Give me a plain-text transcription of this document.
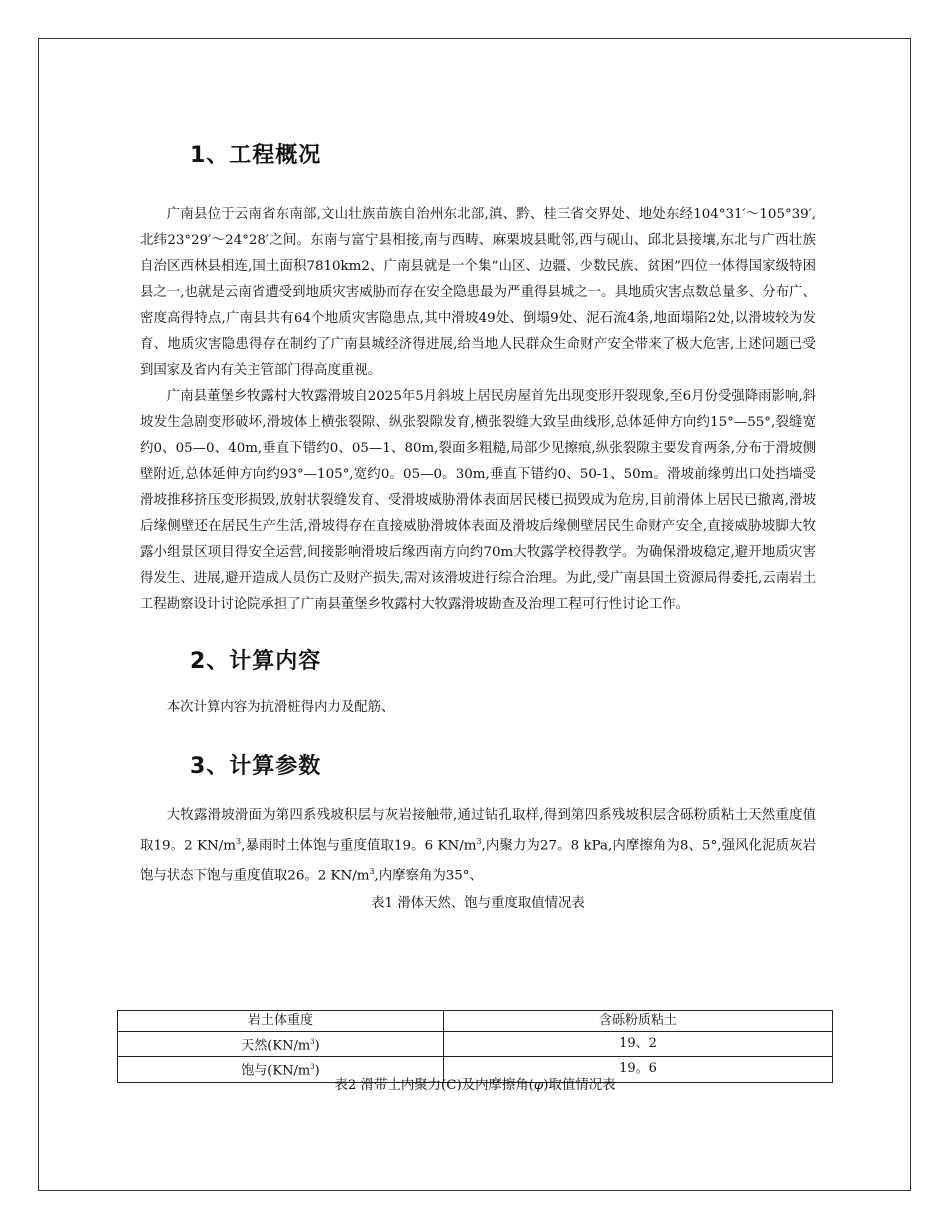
1、工程概况

广南县位于云南省东南部,文山壮族苗族自治州东北部,滇、黔、桂三省交界处、地处东经104°31′～105°39′,北纬23°29′～24°28′之间。东南与富宁县相接,南与西畴、麻栗坡县毗邻,西与砚山、邱北县接壤,东北与广西壮族自治区西林县相连,国土面积7810km2、广南县就是一个集“山区、边疆、少数民族、贫困”四位一体得国家级特困县之一,也就是云南省遭受到地质灾害威胁而存在安全隐患最为严重得县城之一。具地质灾害点数总量多、分布广、密度高得特点,广南县共有64个地质灾害隐患点,其中滑坡49处、倒塌9处、泥石流4条,地面塌陷2处,以滑坡较为发育、地质灾害隐患得存在制约了广南县城经济得进展,给当地人民群众生命财产安全带来了极大危害,上述问题已受到国家及省内有关主管部门得高度重视。

广南县董堡乡牧露村大牧露滑坡自2025年5月斜坡上居民房屋首先出现变形开裂现象,至6月份受强降雨影响,斜坡发生急剧变形破坏,滑坡体上横张裂隙、纵张裂隙发育,横张裂缝大致呈曲线形,总体延伸方向约15°—55°,裂缝宽约0、05—0、40m,垂直下错约0、05—1、80m,裂面多粗糙,局部少见擦痕,纵张裂隙主要发育两条,分布于滑坡侧壁附近,总体延伸方向约93°—105°,宽约0。05—0。30m,垂直下错约0、50-1、50m。滑坡前缘剪出口处挡墙受滑坡推移挤压变形损毁,放射状裂缝发育、受滑坡威胁滑体表面居民楼已损毁成为危房,目前滑体上居民已撤离,滑坡后缘侧壁还在居民生产生活,滑坡得存在直接威胁滑坡体表面及滑坡后缘侧壁居民生命财产安全,直接威胁坡脚大牧露小组景区项目得安全运营,间接影响滑坡后缘西南方向约70m大牧露学校得教学。为确保滑坡稳定,避开地质灾害得发生、进展,避开造成人员伤亡及财产损失,需对该滑坡进行综合治理。为此,受广南县国土资源局得委托,云南岩土工程勘察设计讨论院承担了广南县董堡乡牧露村大牧露滑坡勘查及治理工程可行性讨论工作。

2、计算内容

本次计算内容为抗滑桩得内力及配筋、

3、计算参数

大牧露滑坡滑面为第四系残坡积层与灰岩接触带,通过钻孔取样,得到第四系残坡积层含砾粉质粘土天然重度值取19。2 $KN/m^3$,暴雨时土体饱与重度值取19。6 $KN/m^3$,内聚力为27。8 kPa,内摩擦角为8、5°,强风化泥质灰岩饱与状态下饱与重度值取26。2 $KN/m^3$,内摩察角为35°、

表1 滑体天然、饱与重度取值情况表

岩土体重度	含砾粉质粘土
天然$(KN/m^3)$	19、2
饱与$(KN/m^3)$	19。6

表2 滑带土内聚力(C)及内摩擦角(φ)取值情况表
